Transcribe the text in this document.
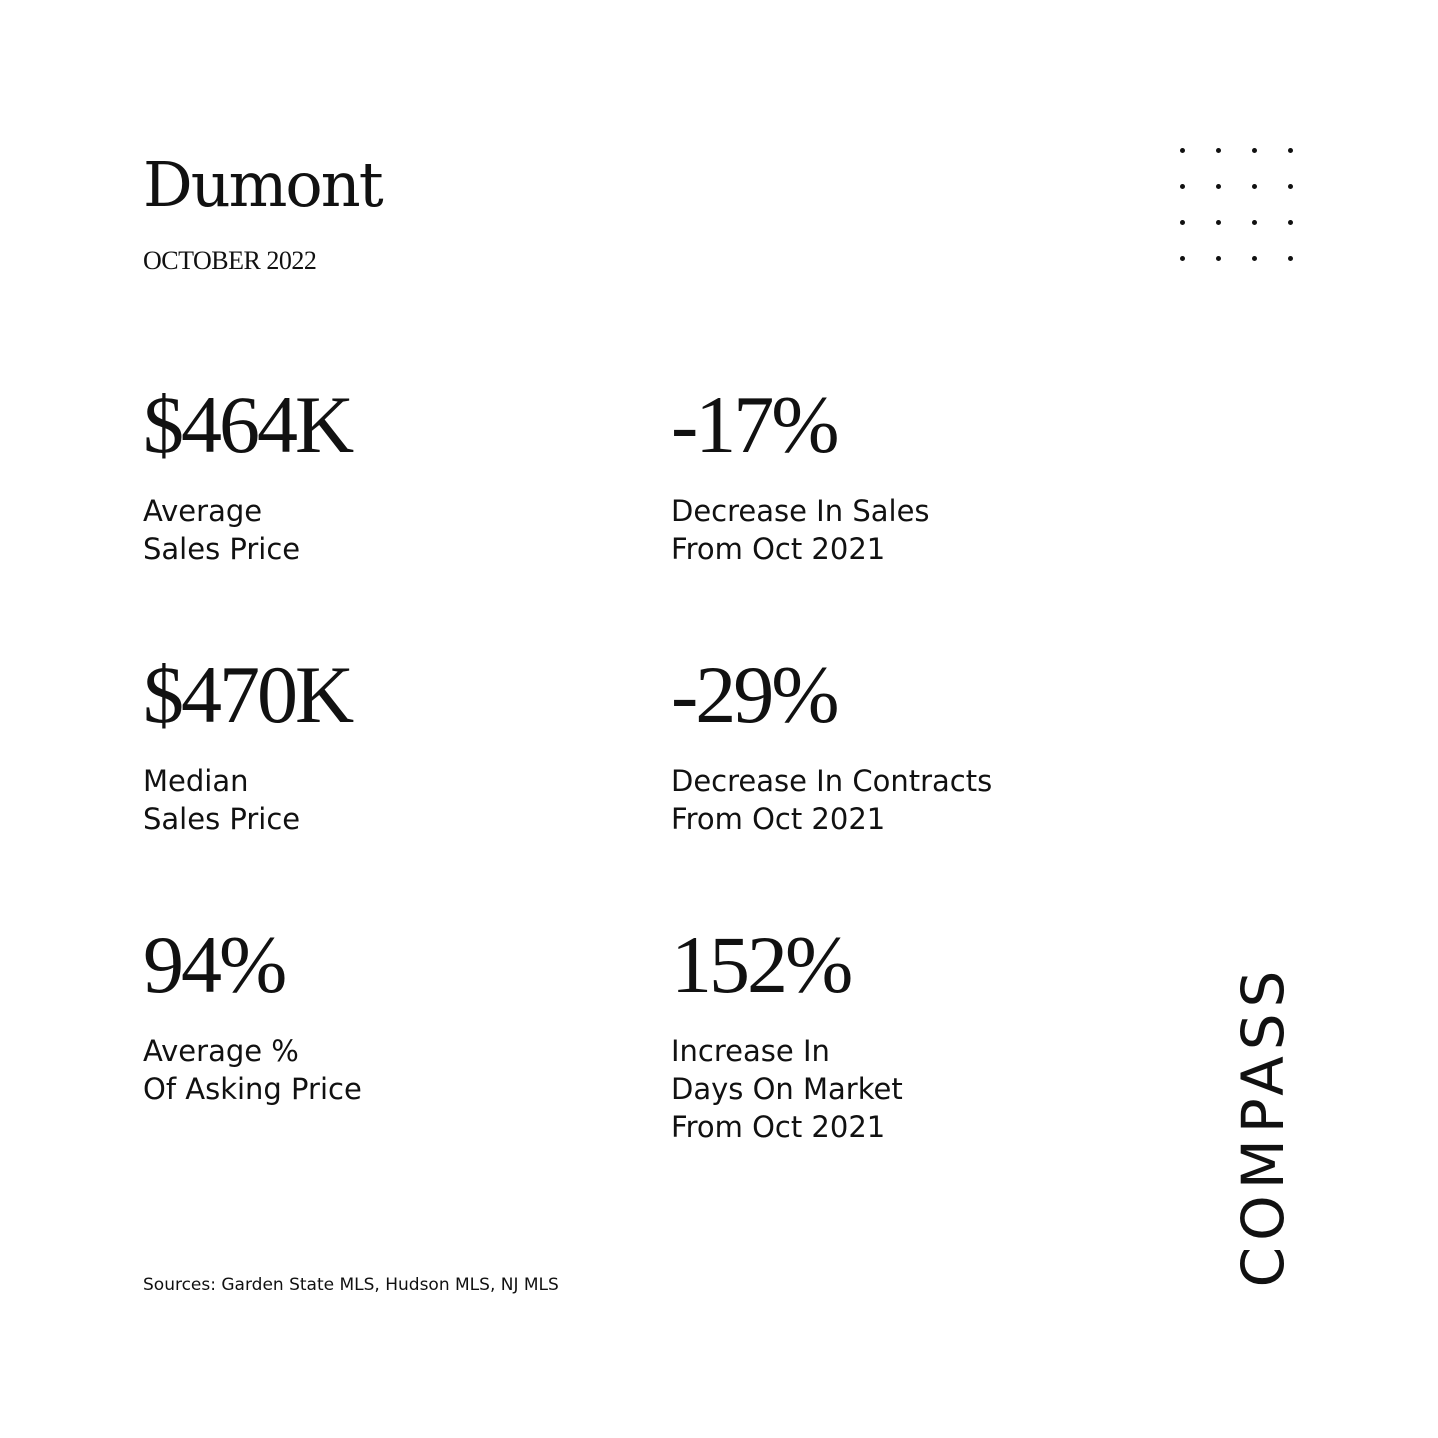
Dumont
OCTOBER 2022
$464K
Average
Sales Price
-17%
Decrease In Sales
From Oct 2021
$470K
Median
Sales Price
-29%
Decrease In Contracts
From Oct 2021
94%
Average %
Of Asking Price
152%
Increase In
Days On Market
From Oct 2021
Sources: Garden State MLS, Hudson MLS, NJ MLS	COMPASS
